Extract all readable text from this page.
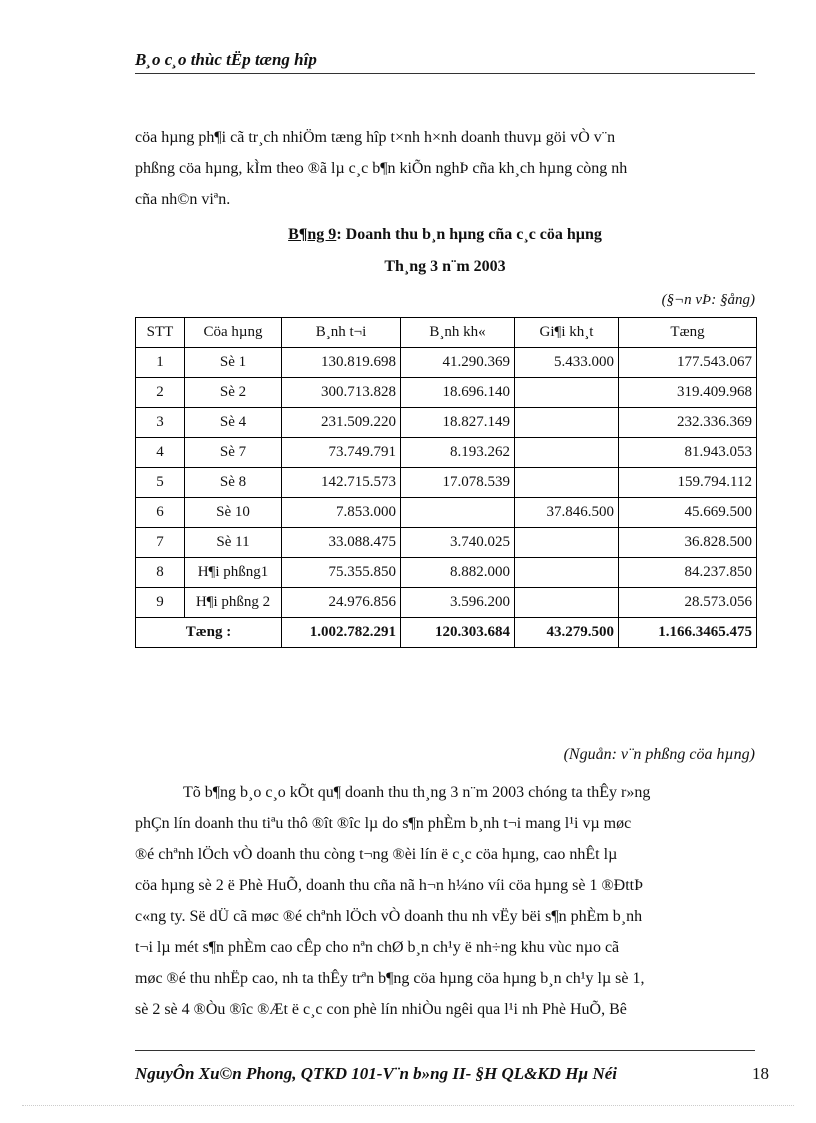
B¸o c¸o thùc tËp tæng hîp

cöa hµng ph¶i cã tr¸ch nhiÖm tæng hîp t×nh h×nh doanh thuvµ göi vÒ v¨n

phßng cöa hµng, kÌm theo ®ã lµ c¸c b¶n kiÕn nghÞ cña kh¸ch hµng còng nh

cña nh©n viªn.

B¶ng 9: Doanh thu b¸n hµng cña c¸c cöa hµng
Th¸ng 3 n¨m 2003
(§¬n vÞ: §ång)
STT	Cöa hµng	B¸nh t¬i	B¸nh kh«	Gi¶i kh¸t	Tæng
1	Sè 1	130.819.698	41.290.369	5.433.000	177.543.067
2	Sè 2	300.713.828	18.696.140		319.409.968
3	Sè 4	231.509.220	18.827.149		232.336.369
4	Sè 7	73.749.791	8.193.262		81.943.053
5	Sè 8	142.715.573	17.078.539		159.794.112
6	Sè 10	7.853.000		37.846.500	45.669.500
7	Sè 11	33.088.475	3.740.025		36.828.500
8	H¶i phßng1	75.355.850	8.882.000		84.237.850
9	H¶i phßng 2	24.976.856	3.596.200		28.573.056
Tæng :		1.002.782.291	120.303.684	43.279.500	1.166.3465.475
(Nguån: v¨n phßng cöa hµng)

Tõ b¶ng b¸o c¸o kÕt qu¶ doanh thu th¸ng 3 n¨m 2003 chóng ta thÊy r»ng

phÇn lín doanh thu tiªu thô ®ît ®îc lµ do s¶n phÈm b¸nh t¬i mang l¹i vµ møc

®é chªnh lÖch vÒ doanh thu còng t¬ng ®èi lín ë c¸c cöa hµng, cao nhÊt lµ

cöa hµng sè 2 ë Phè HuÕ, doanh thu cña nã h¬n h¼no víi cöa hµng sè 1 ®ÐttÞ

c«ng ty. Së dÜ cã møc ®é chªnh lÖch vÒ doanh thu nh vËy bëi s¶n phÈm b¸nh

t¬i lµ mét s¶n phÈm cao cÊp cho nªn chØ b¸n ch¹y ë nh÷ng khu vùc nµo cã

møc ®é thu nhËp cao, nh ta thÊy trªn b¶ng cöa hµng cöa hµng b¸n ch¹y lµ sè 1,

sè 2 sè 4 ®Òu ®îc ®Æt ë c¸c con phè lín nhiÒu ngêi qua l¹i nh Phè HuÕ, Bê

NguyÔn Xu©n Phong, QTKD 101-V¨n b»ng II- §H QL&KD Hµ Néi	18
